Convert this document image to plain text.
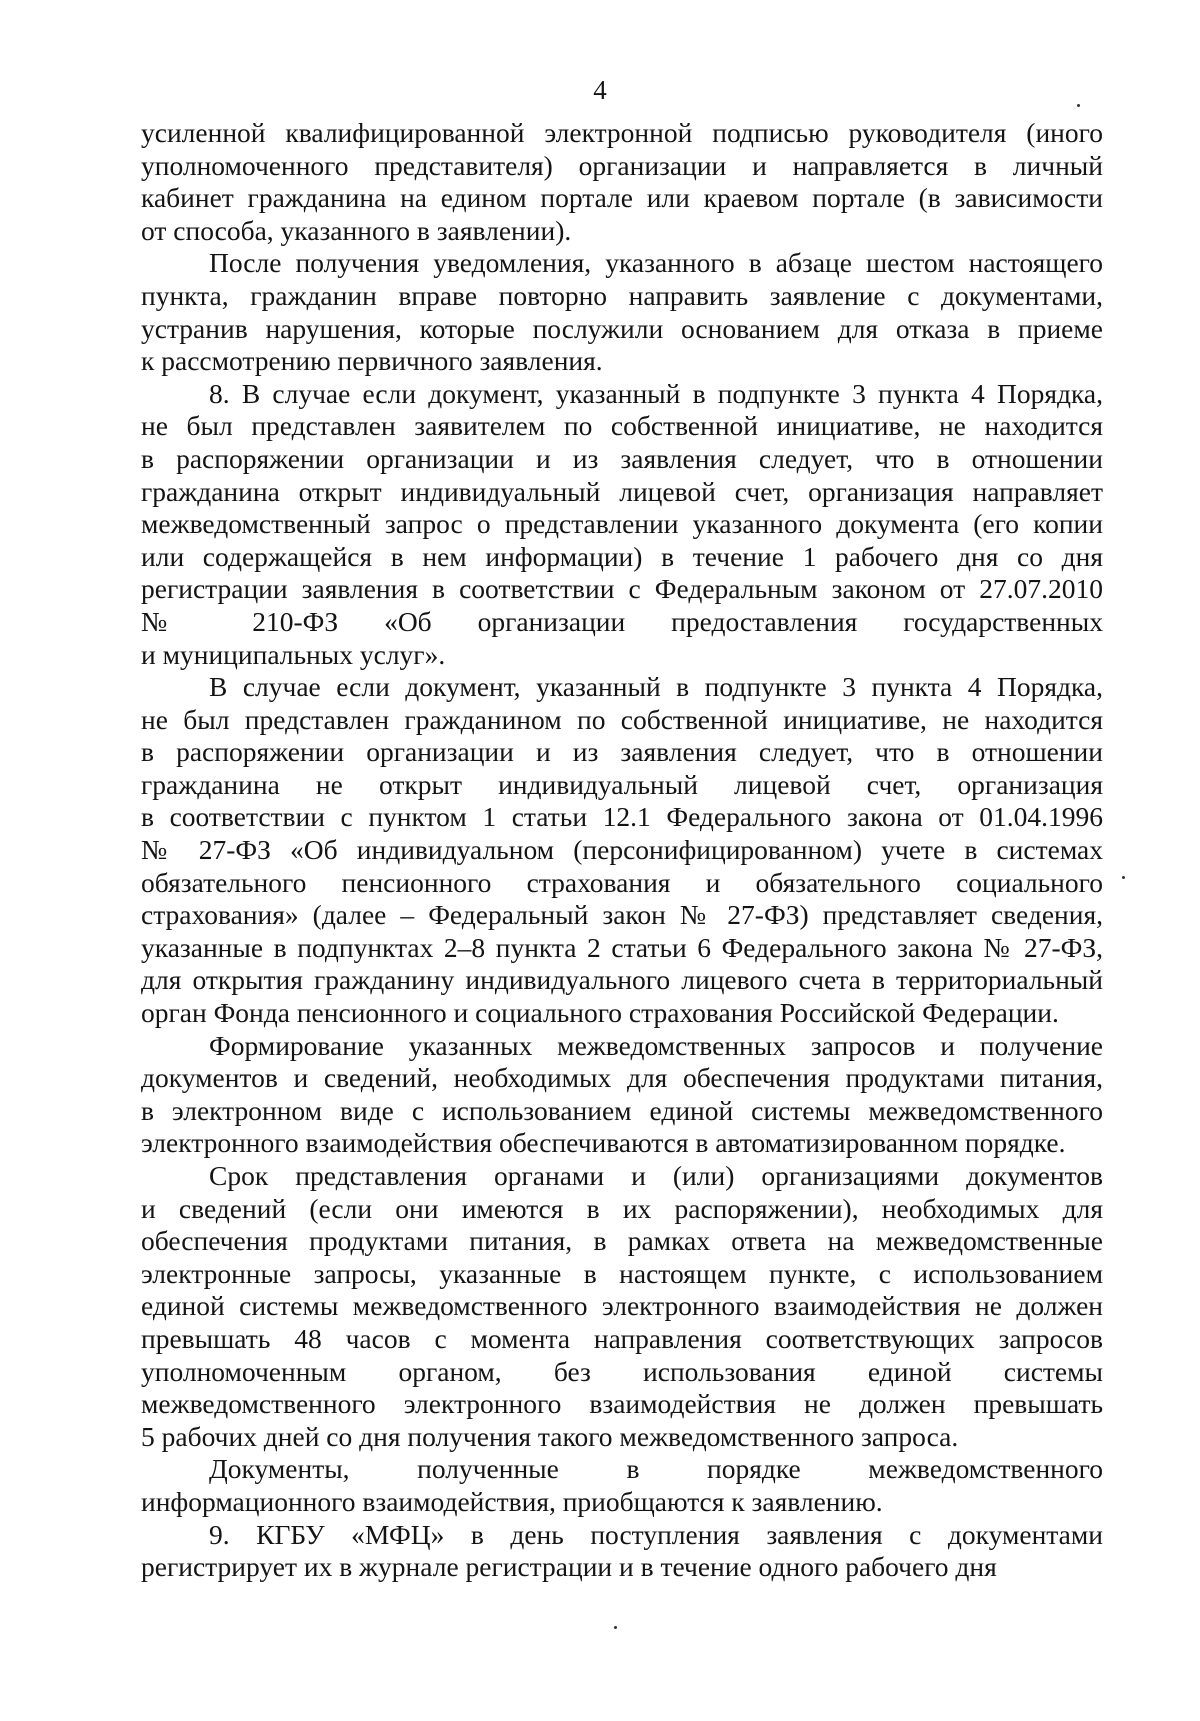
4

усиленной квалифицированной электронной подписью руководителя (иного
уполномоченного представителя) организации и направляется в личный
кабинет гражданина на едином портале или краевом портале (в зависимости
от способа, указанного в заявлении).

После получения уведомления, указанного в абзаце шестом настоящего
пункта, гражданин вправе повторно направить заявление с документами,
устранив нарушения, которые послужили основанием для отказа в приеме
к рассмотрению первичного заявления.

8. В случае если документ, указанный в подпункте 3 пункта 4 Порядка,
не был представлен заявителем по собственной инициативе, не находится
в распоряжении организации и из заявления следует, что в отношении
гражданина открыт индивидуальный лицевой счет, организация направляет
межведомственный запрос о представлении указанного документа (его копии
или содержащейся в нем информации) в течение 1 рабочего дня со дня
регистрации заявления в соответствии с Федеральным законом от 27.07.2010
№ 210-ФЗ «Об организации предоставления государственных
и муниципальных услуг».

В случае если документ, указанный в подпункте 3 пункта 4 Порядка,
не был представлен гражданином по собственной инициативе, не находится
в распоряжении организации и из заявления следует, что в отношении
гражданина не открыт индивидуальный лицевой счет, организация
в соответствии с пунктом 1 статьи 12.1 Федерального закона от 01.04.1996
№ 27-ФЗ «Об индивидуальном (персонифицированном) учете в системах
обязательного пенсионного страхования и обязательного социального
страхования» (далее – Федеральный закон № 27-ФЗ) представляет сведения,
указанные в подпунктах 2–8 пункта 2 статьи 6 Федерального закона № 27-ФЗ,
для открытия гражданину индивидуального лицевого счета в территориальный
орган Фонда пенсионного и социального страхования Российской Федерации.

Формирование указанных межведомственных запросов и получение
документов и сведений, необходимых для обеспечения продуктами питания,
в электронном виде с использованием единой системы межведомственного
электронного взаимодействия обеспечиваются в автоматизированном порядке.

Срок представления органами и (или) организациями документов
и сведений (если они имеются в их распоряжении), необходимых для
обеспечения продуктами питания, в рамках ответа на межведомственные
электронные запросы, указанные в настоящем пункте, с использованием
единой системы межведомственного электронного взаимодействия не должен
превышать 48 часов с момента направления соответствующих запросов
уполномоченным органом, без использования единой системы
межведомственного электронного взаимодействия не должен превышать
5 рабочих дней со дня получения такого межведомственного запроса.

Документы, полученные в порядке межведомственного
информационного взаимодействия, приобщаются к заявлению.

9. КГБУ «МФЦ» в день поступления заявления с документами
регистрирует их в журнале регистрации и в течение одного рабочего дня
